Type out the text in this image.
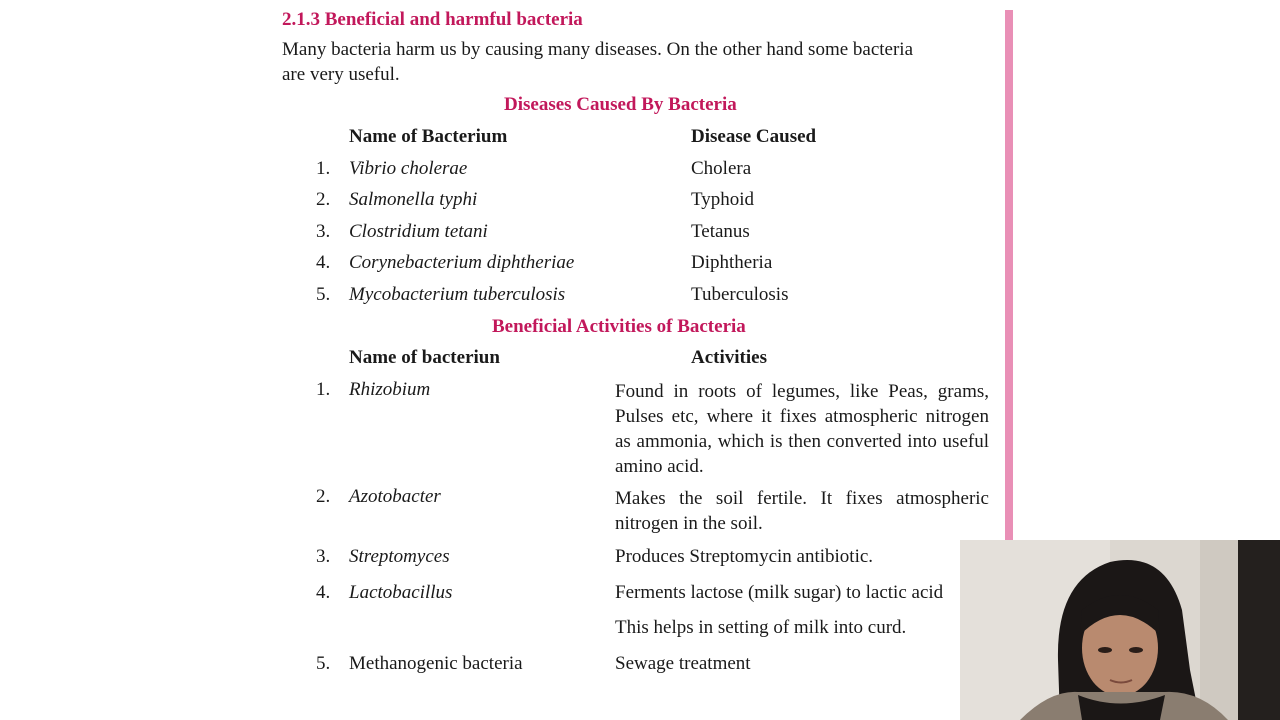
2.1.3 Beneficial and harmful bacteria
Many bacteria harm us by causing many diseases. On the other hand some bacteria
are very useful.
Diseases Caused By Bacteria
Name of Bacterium	Disease Caused
1. Vibrio cholerae	Cholera
2. Salmonella typhi	Typhoid
3. Clostridium tetani	Tetanus
4. Corynebacterium diphtheriae	Diphtheria
5. Mycobacterium tuberculosis	Tuberculosis
Beneficial Activities of Bacteria
Name of bacteriun	Activities
1. Rhizobium	Found in roots of legumes, like Peas, grams, Pulses etc, where it fixes atmospheric nitrogen as ammonia, which is then converted into useful amino acid.
2. Azotobacter	Makes the soil fertile. It fixes atmospheric nitrogen in the soil.
3. Streptomyces	Produces Streptomycin antibiotic.
4. Lactobacillus	Ferments lactose (milk sugar) to lactic acid
This helps in setting of milk into curd.
5. Methanogenic bacteria	Sewage treatment
